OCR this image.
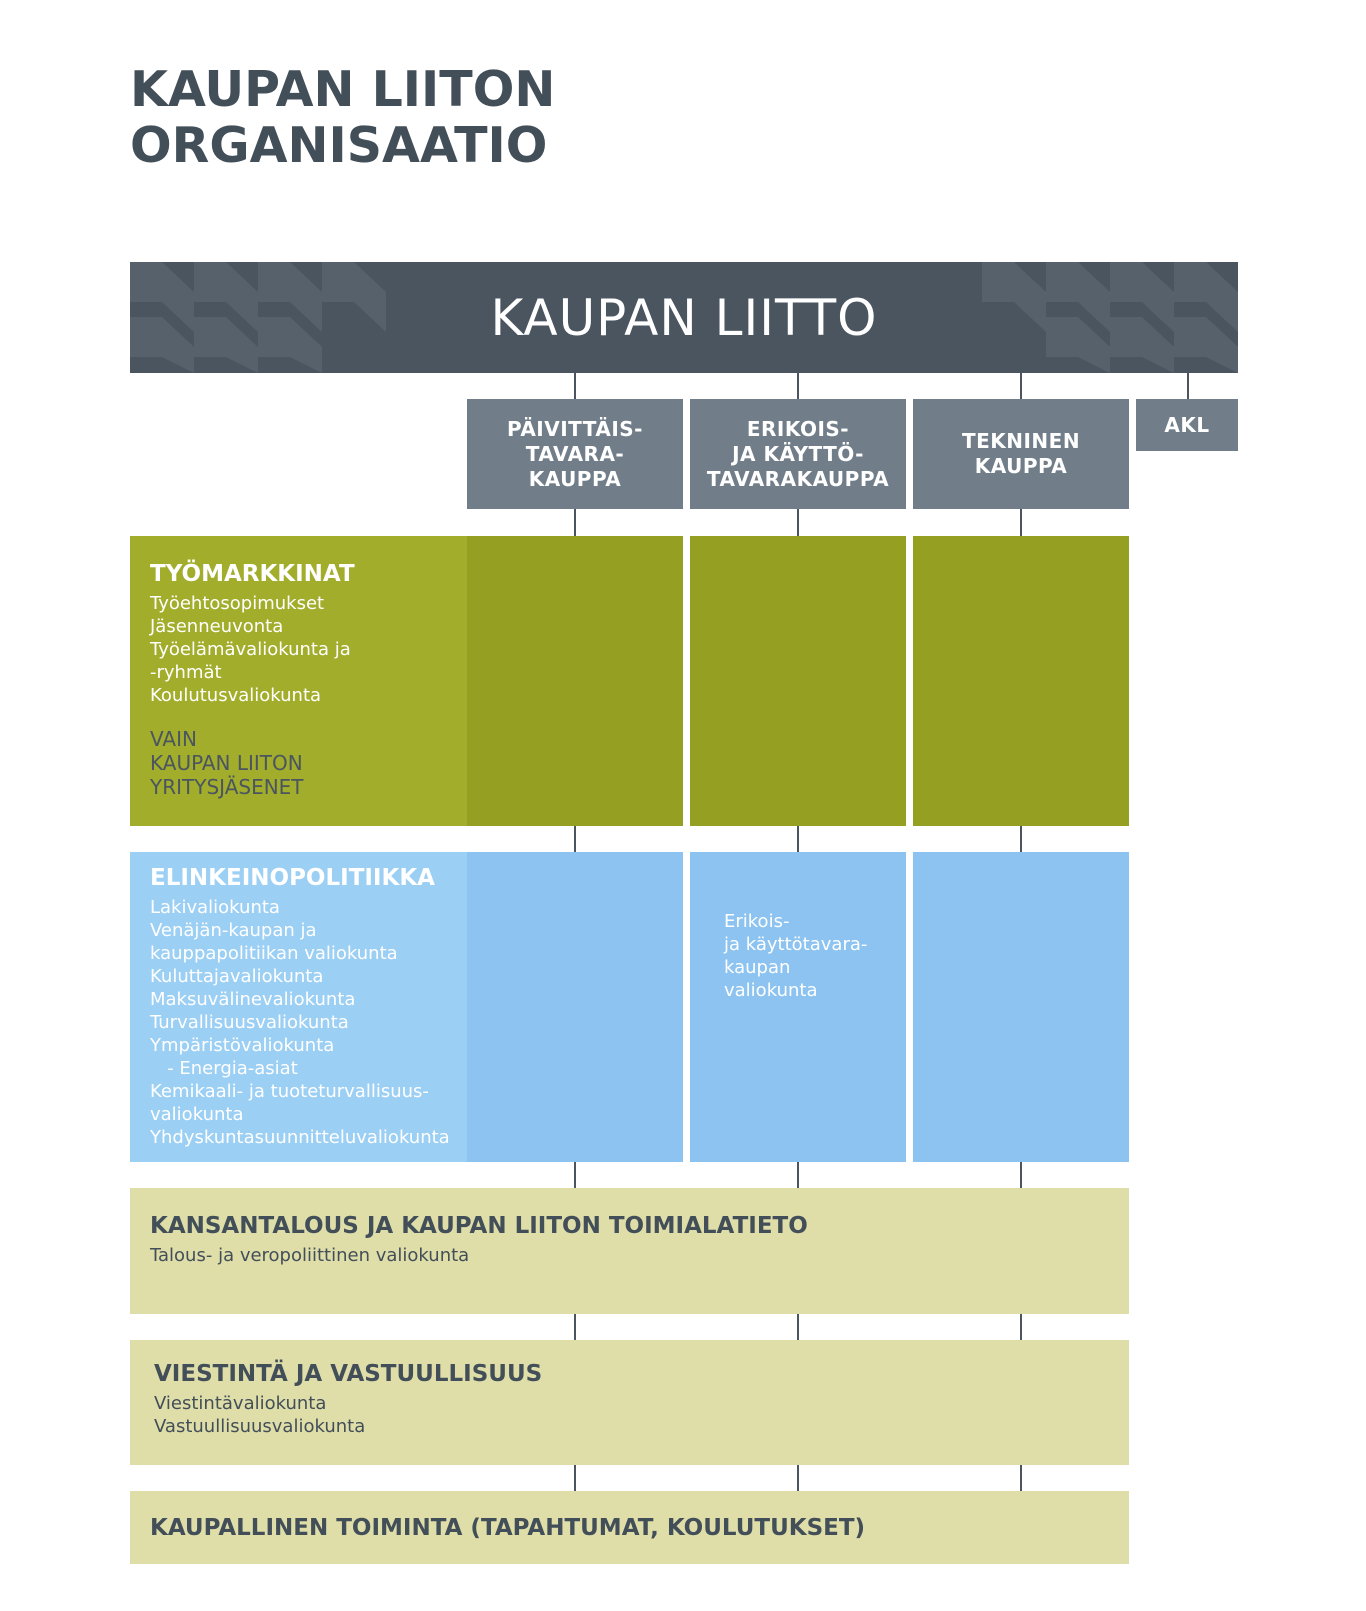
KAUPAN LIITON
ORGANISAATIO
KAUPAN LIITTO
PÄIVITTÄIS-
TAVARA-
KAUPPA
ERIKOIS-
JA KÄYTTÖ-
TAVARAKAUPPA
TEKNINEN
KAUPPA
AKL
TYÖMARKKINAT
Työehtosopimukset
Jäsenneuvonta
Työelämävaliokunta ja
-ryhmät
Koulutusvaliokunta
VAIN
KAUPAN LIITON
YRITYSJÄSENET
ELINKEINOPOLITIIKKA
Lakivaliokunta
Venäjän-kaupan ja
kauppapolitiikan valiokunta
Kuluttajavaliokunta
Maksuvälinevaliokunta
Turvallisuusvaliokunta
Ympäristövaliokunta
- Energia-asiat
Kemikaali- ja tuoteturvallisuus-
valiokunta
Yhdyskuntasuunnitteluvaliokunta
Erikois-
ja käyttötavara-
kaupan
valiokunta
KANSANTALOUS JA KAUPAN LIITON TOIMIALATIETO
Talous- ja veropoliittinen valiokunta
VIESTINTÄ JA VASTUULLISUUS
Viestintävaliokunta
Vastuullisuusvaliokunta
KAUPALLINEN TOIMINTA (TAPAHTUMAT, KOULUTUKSET)
